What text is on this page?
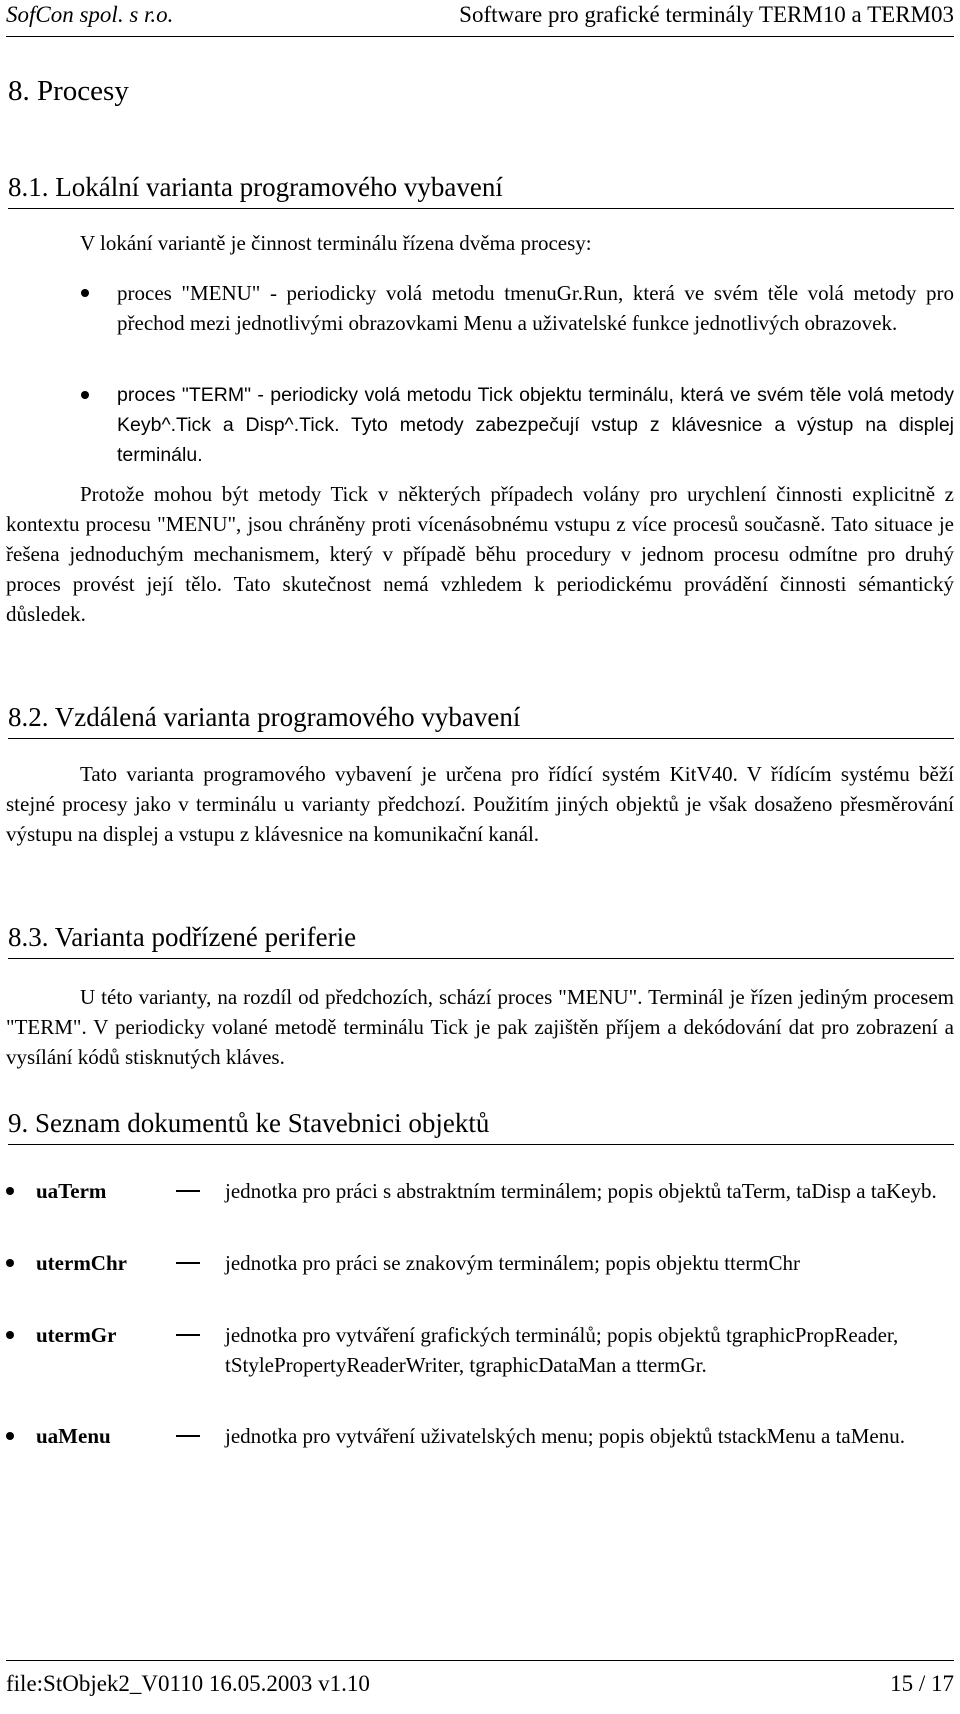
SofCon spol. s r.o.	Software pro grafické terminály TERM10 a TERM03
8. Procesy
8.1. Lokální varianta programového vybavení
V lokání variantě je činnost terminálu řízena dvěma procesy:
proces "MENU" - periodicky volá metodu tmenuGr.Run, která ve svém těle volá metody pro přechod mezi jednotlivými obrazovkami Menu a uživatelské funkce jednotlivých obrazovek.
proces "TERM" - periodicky volá metodu Tick objektu terminálu, která ve svém těle volá metody Keyb^.Tick a Disp^.Tick. Tyto metody zabezpečují vstup z klávesnice a výstup na displej terminálu.
Protože mohou být metody Tick v některých případech volány pro urychlení činnosti explicitně z kontextu procesu "MENU", jsou chráněny proti vícenásobnému vstupu z více procesů současně. Tato situace je řešena jednoduchým mechanismem, který v případě běhu procedury v jednom procesu odmítne pro druhý proces provést její tělo. Tato skutečnost nemá vzhledem k periodickému provádění činnosti sémantický důsledek.
8.2. Vzdálená varianta programového vybavení
Tato varianta programového vybavení je určena pro řídící systém KitV40. V řídícím systému běží stejné procesy jako v terminálu u varianty předchozí. Použitím jiných objektů je však dosaženo přesměrování výstupu na displej a vstupu z klávesnice na komunikační kanál.
8.3. Varianta podřízené periferie
U této varianty, na rozdíl od předchozích, schází proces "MENU". Terminál je řízen jediným procesem "TERM". V periodicky volané metodě terminálu Tick je pak zajištěn příjem a dekódování dat pro zobrazení a vysílání kódů stisknutých kláves.
9. Seznam dokumentů ke Stavebnici objektů
uaTerm	jednotka pro práci s abstraktním terminálem; popis objektů taTerm, taDisp a taKeyb.
utermChr	jednotka pro práci se znakovým terminálem; popis objektu ttermChr
utermGr	jednotka pro vytváření grafických terminálů; popis objektů tgraphicPropReader, tStylePropertyReaderWriter, tgraphicDataMan a ttermGr.
uaMenu	jednotka pro vytváření uživatelských menu; popis objektů tstackMenu a taMenu.
file:StObjek2_V0110 16.05.2003 v1.10	15 / 17
